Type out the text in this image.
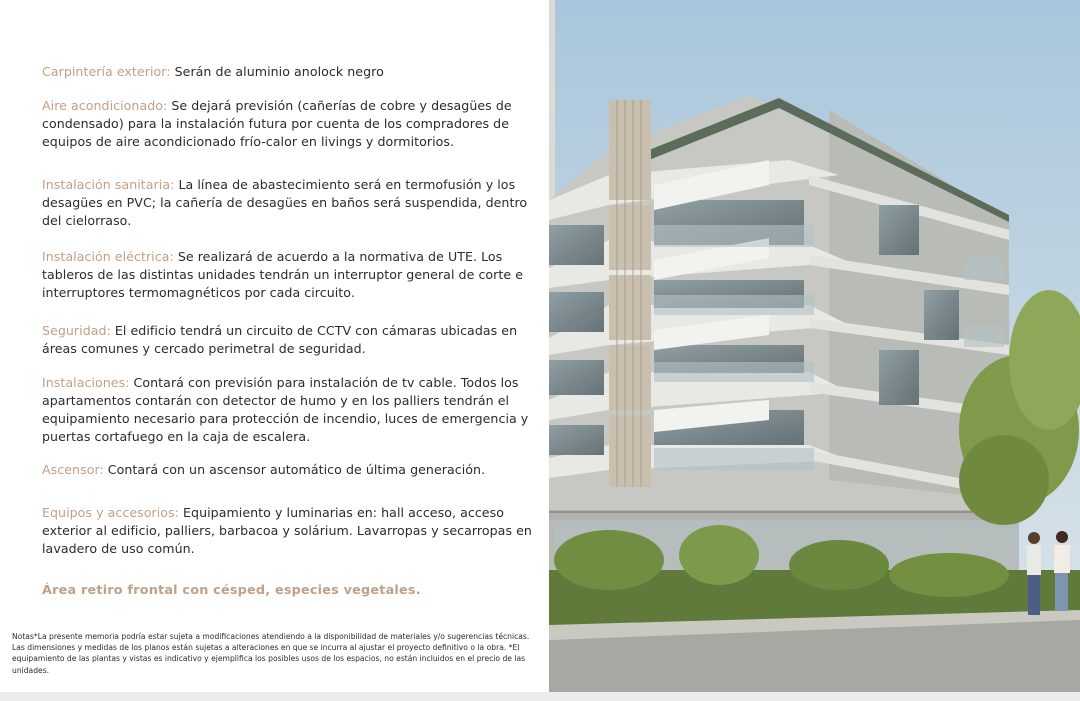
Carpintería exterior: Serán de aluminio anolock negro

Aire acondicionado: Se dejará previsión (cañerías de cobre y desagües de condensado) para la instalación futura por cuenta de los compradores de equipos de aire acondicionado frío-calor en livings y dormitorios.

Instalación sanitaria: La línea de abastecimiento será en termofusión y los desagües en PVC; la cañería de desagües en baños será suspendida, dentro del cielorraso.

Instalación eléctrica: Se realizará de acuerdo a la normativa de UTE. Los tableros de las distintas unidades tendrán un interruptor general de corte e interruptores termomagnéticos por cada circuito.

Seguridad: El edificio tendrá un circuito de CCTV con cámaras ubicadas en áreas comunes y cercado perimetral de seguridad.

Instalaciones: Contará con previsión para instalación de tv cable. Todos los apartamentos contarán con detector de humo y en los palliers tendrán el equipamiento necesario para protección de incendio, luces de emergencia y puertas cortafuego en la caja de escalera.

Ascensor: Contará con un ascensor automático de última generación.

Equipos y accesorios: Equipamiento y luminarias en: hall acceso, acceso exterior al edificio, palliers, barbacoa y solárium. Lavarropas y secarropas en lavadero de uso común.

Área retiro frontal con césped, especies vegetales.

Notas*La presente memoria podría estar sujeta a modificaciones atendiendo a la disponibilidad de materiales y/o sugerencias técnicas. Las dimensiones y medidas de los planos están sujetas a alteraciones en que se incurra al ajustar el proyecto definitivo o la obra. *El equipamiento de las plantas y vistas es indicativo y ejemplifica los posibles usos de los espacios, no están incluidos en el precio de las unidades.
